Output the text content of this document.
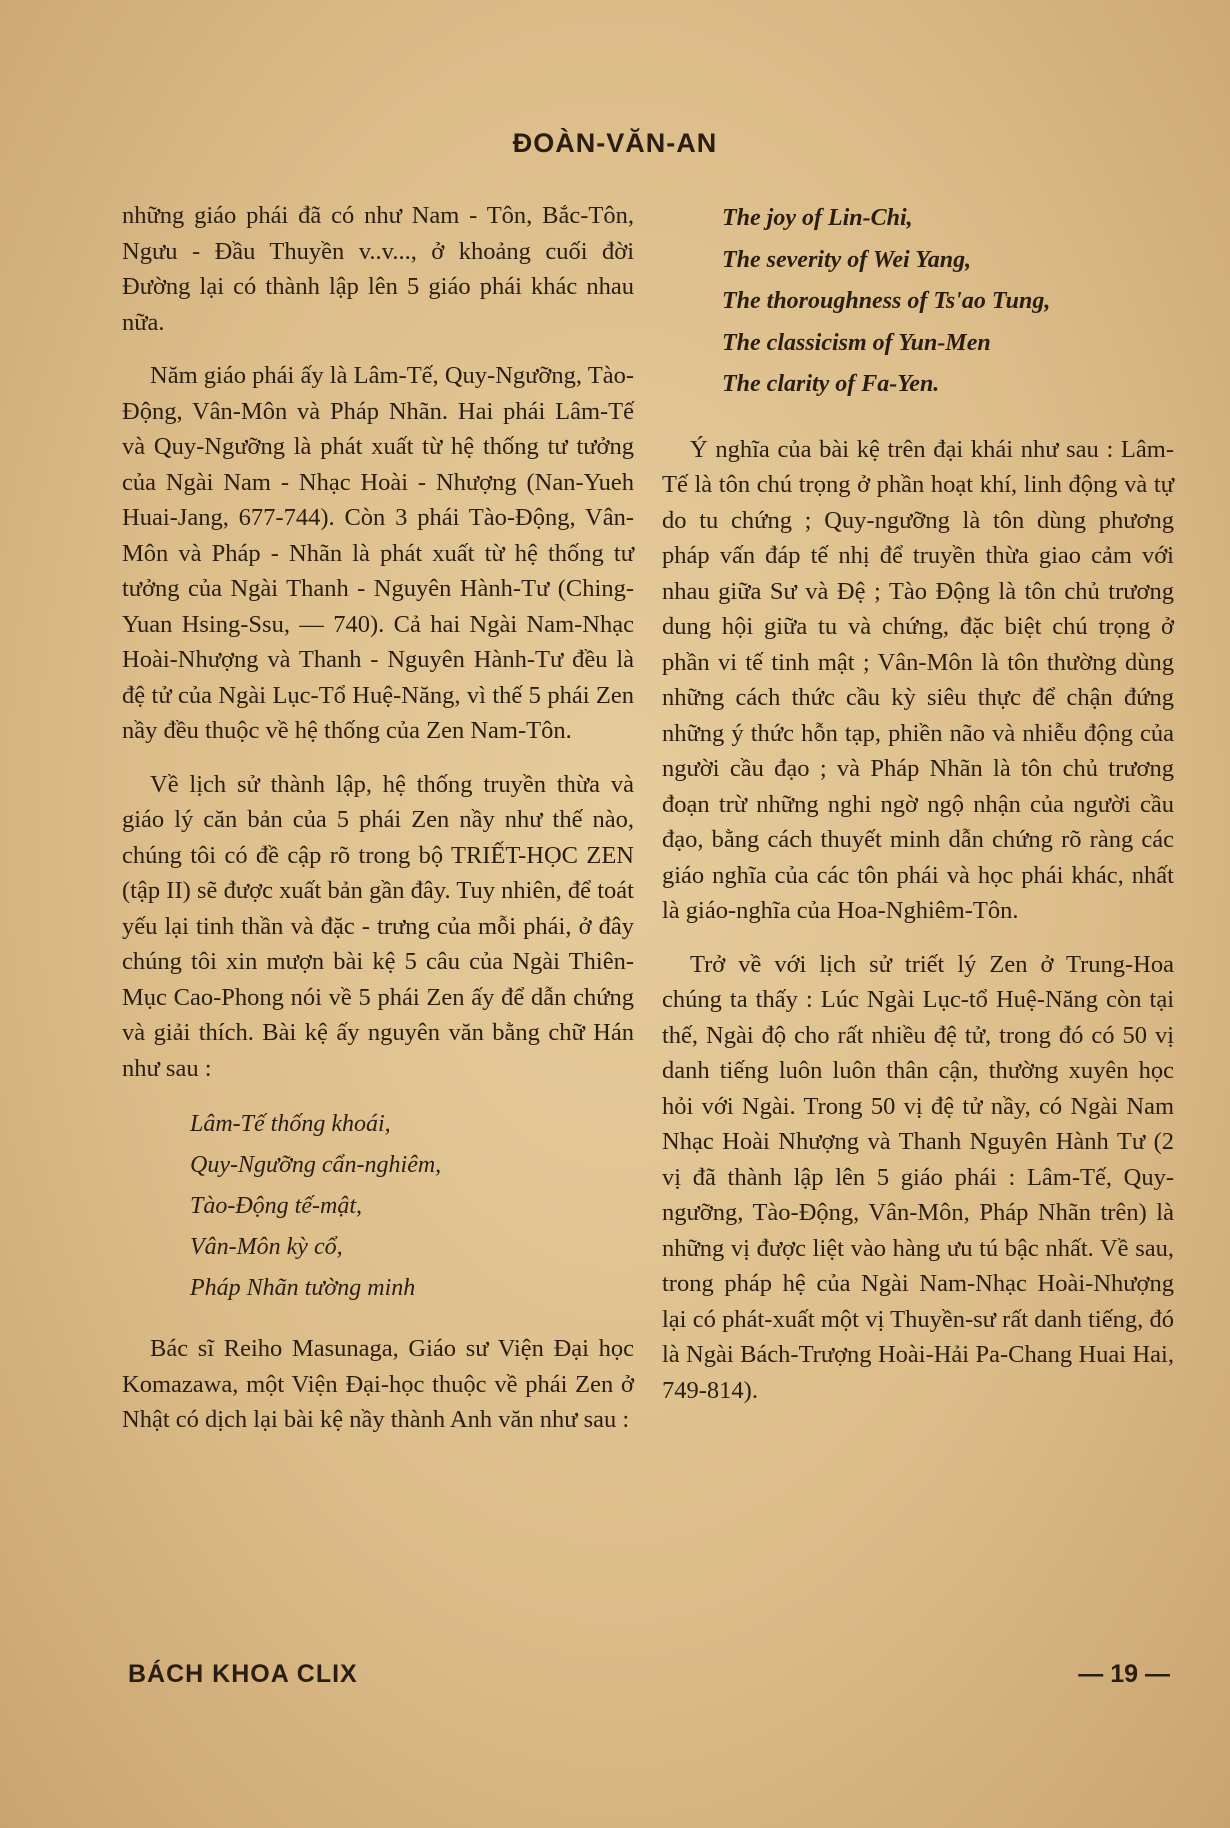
ĐOÀN-VĂN-AN

những giáo phái đã có như Nam - Tôn, Bắc-Tôn, Ngưu - Đầu Thuyền v..v..., ở khoảng cuối đời Đường lại có thành lập lên 5 giáo phái khác nhau nữa.

Năm giáo phái ấy là Lâm-Tế, Quy-Ngưỡng, Tào-Động, Vân-Môn và Pháp Nhãn. Hai phái Lâm-Tế và Quy-Ngưỡng là phát xuất từ hệ thống tư tưởng của Ngài Nam - Nhạc Hoài - Nhượng (Nan-Yueh Huai-Jang, 677-744). Còn 3 phái Tào-Động, Vân-Môn và Pháp - Nhãn là phát xuất từ hệ thống tư tưởng của Ngài Thanh - Nguyên Hành-Tư (Ching-Yuan Hsing-Ssu, — 740). Cả hai Ngài Nam-Nhạc Hoài-Nhượng và Thanh - Nguyên Hành-Tư đều là đệ tử của Ngài Lục-Tổ Huệ-Năng, vì thế 5 phái Zen nầy đều thuộc về hệ thống của Zen Nam-Tôn.

Về lịch sử thành lập, hệ thống truyền thừa và giáo lý căn bản của 5 phái Zen nầy như thế nào, chúng tôi có đề cập rõ trong bộ TRIẾT-HỌC ZEN (tập II) sẽ được xuất bản gần đây. Tuy nhiên, để toát yếu lại tinh thần và đặc - trưng của mỗi phái, ở đây chúng tôi xin mượn bài kệ 5 câu của Ngài Thiên-Mục Cao-Phong nói về 5 phái Zen ấy để dẫn chứng và giải thích. Bài kệ ấy nguyên văn bằng chữ Hán như sau :

Lâm-Tế thống khoái,
Quy-Ngưỡng cẩn-nghiêm,
Tào-Động tế-mật,
Vân-Môn kỳ cổ,
Pháp Nhãn tường minh

Bác sĩ Reiho Masunaga, Giáo sư Viện Đại học Komazawa, một Viện Đại-học thuộc về phái Zen ở Nhật có dịch lại bài kệ nầy thành Anh văn như sau :

The joy of Lin-Chi,
The severity of Wei Yang,
The thoroughness of Ts'ao Tung,
The classicism of Yun-Men
The clarity of Fa-Yen.

Ý nghĩa của bài kệ trên đại khái như sau : Lâm-Tế là tôn chú trọng ở phần hoạt khí, linh động và tự do tu chứng ; Quy-ngưỡng là tôn dùng phương pháp vấn đáp tế nhị để truyền thừa giao cảm với nhau giữa Sư và Đệ ; Tào Động là tôn chủ trương dung hội giữa tu và chứng, đặc biệt chú trọng ở phần vi tế tinh mật ; Vân-Môn là tôn thường dùng những cách thức cầu kỳ siêu thực để chận đứng những ý thức hỗn tạp, phiền não và nhiễu động của người cầu đạo ; và Pháp Nhãn là tôn chủ trương đoạn trừ những nghi ngờ ngộ nhận của người cầu đạo, bằng cách thuyết minh dẫn chứng rõ ràng các giáo nghĩa của các tôn phái và học phái khác, nhất là giáo-nghĩa của Hoa-Nghiêm-Tôn.

Trở về với lịch sử triết lý Zen ở Trung-Hoa chúng ta thấy : Lúc Ngài Lục-tổ Huệ-Năng còn tại thế, Ngài độ cho rất nhiều đệ tử, trong đó có 50 vị danh tiếng luôn luôn thân cận, thường xuyên học hỏi với Ngài. Trong 50 vị đệ tử nầy, có Ngài Nam Nhạc Hoài Nhượng và Thanh Nguyên Hành Tư (2 vị đã thành lập lên 5 giáo phái : Lâm-Tế, Quy-ngưỡng, Tào-Động, Vân-Môn, Pháp Nhãn trên) là những vị được liệt vào hàng ưu tú bậc nhất. Về sau, trong pháp hệ của Ngài Nam-Nhạc Hoài-Nhượng lại có phát-xuất một vị Thuyền-sư rất danh tiếng, đó là Ngài Bách-Trượng Hoài-Hải Pa-Chang Huai Hai, 749-814).

BÁCH KHOA CLIX	— 19 —
